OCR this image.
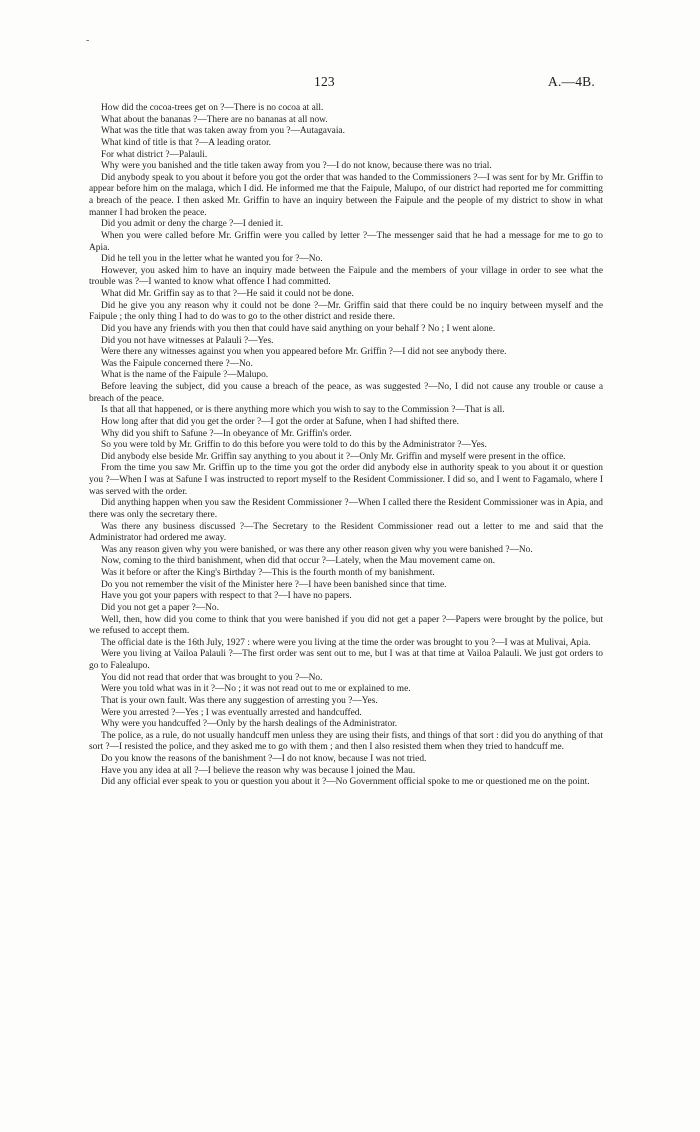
-
123	A.—4B.

How did the cocoa-trees get on ?—There is no cocoa at all.

What about the bananas ?—There are no bananas at all now.

What was the title that was taken away from you ?—Autagavaia.

What kind of title is that ?—A leading orator.

For what district ?—Palauli.

Why were you banished and the title taken away from you ?—I do not know, because there was no trial.

Did anybody speak to you about it before you got the order that was handed to the Commissioners ?—I was sent for by Mr. Griffin to appear before him on the malaga, which I did. He informed me that the Faipule, Malupo, of our district had reported me for committing a breach of the peace. I then asked Mr. Griffin to have an inquiry between the Faipule and the people of my district to show in what manner I had broken the peace.

Did you admit or deny the charge ?—I denied it.

When you were called before Mr. Griffin were you called by letter ?—The messenger said that he had a message for me to go to Apia.

Did he tell you in the letter what he wanted you for ?—No.

However, you asked him to have an inquiry made between the Faipule and the members of your village in order to see what the trouble was ?—I wanted to know what offence I had committed.

What did Mr. Griffin say as to that ?—He said it could not be done.

Did he give you any reason why it could not be done ?—Mr. Griffin said that there could be no inquiry between myself and the Faipule ; the only thing I had to do was to go to the other district and reside there.

Did you have any friends with you then that could have said anything on your behalf ? No ; I went alone.

Did you not have witnesses at Palauli ?—Yes.

Were there any witnesses against you when you appeared before Mr. Griffin ?—I did not see anybody there.

Was the Faipule concerned there ?—No.

What is the name of the Faipule ?—Malupo.

Before leaving the subject, did you cause a breach of the peace, as was suggested ?—No, I did not cause any trouble or cause a breach of the peace.

Is that all that happened, or is there anything more which you wish to say to the Commission ?—That is all.

How long after that did you get the order ?—I got the order at Safune, when I had shifted there.

Why did you shift to Safune ?—In obeyance of Mr. Griffin's order.

So you were told by Mr. Griffin to do this before you were told to do this by the Administrator ?—Yes.

Did anybody else beside Mr. Griffin say anything to you about it ?—Only Mr. Griffin and myself were present in the office.

From the time you saw Mr. Griffin up to the time you got the order did anybody else in authority speak to you about it or question you ?—When I was at Safune I was instructed to report myself to the Resident Commissioner. I did so, and I went to Fagamalo, where I was served with the order.

Did anything happen when you saw the Resident Commissioner ?—When I called there the Resident Commissioner was in Apia, and there was only the secretary there.

Was there any business discussed ?—The Secretary to the Resident Commissioner read out a letter to me and said that the Administrator had ordered me away.

Was any reason given why you were banished, or was there any other reason given why you were banished ?—No.

Now, coming to the third banishment, when did that occur ?—Lately, when the Mau movement came on.

Was it before or after the King's Birthday ?—This is the fourth month of my banishment.

Do you not remember the visit of the Minister here ?—I have been banished since that time.

Have you got your papers with respect to that ?—I have no papers.

Did you not get a paper ?—No.

Well, then, how did you come to think that you were banished if you did not get a paper ?—Papers were brought by the police, but we refused to accept them.

The official date is the 16th July, 1927 : where were you living at the time the order was brought to you ?—I was at Mulivai, Apia.

Were you living at Vailoa Palauli ?—The first order was sent out to me, but I was at that time at Vailoa Palauli. We just got orders to go to Falealupo.

You did not read that order that was brought to you ?—No.

Were you told what was in it ?—No ; it was not read out to me or explained to me.

That is your own fault. Was there any suggestion of arresting you ?—Yes.

Were you arrested ?—Yes ; I was eventually arrested and handcuffed.

Why were you handcuffed ?—Only by the harsh dealings of the Administrator.

The police, as a rule, do not usually handcuff men unless they are using their fists, and things of that sort : did you do anything of that sort ?—I resisted the police, and they asked me to go with them ; and then I also resisted them when they tried to handcuff me.

Do you know the reasons of the banishment ?—I do not know, because I was not tried.

Have you any idea at all ?—I believe the reason why was because I joined the Mau.

Did any official ever speak to you or question you about it ?—No Government official spoke to me or questioned me on the point.
